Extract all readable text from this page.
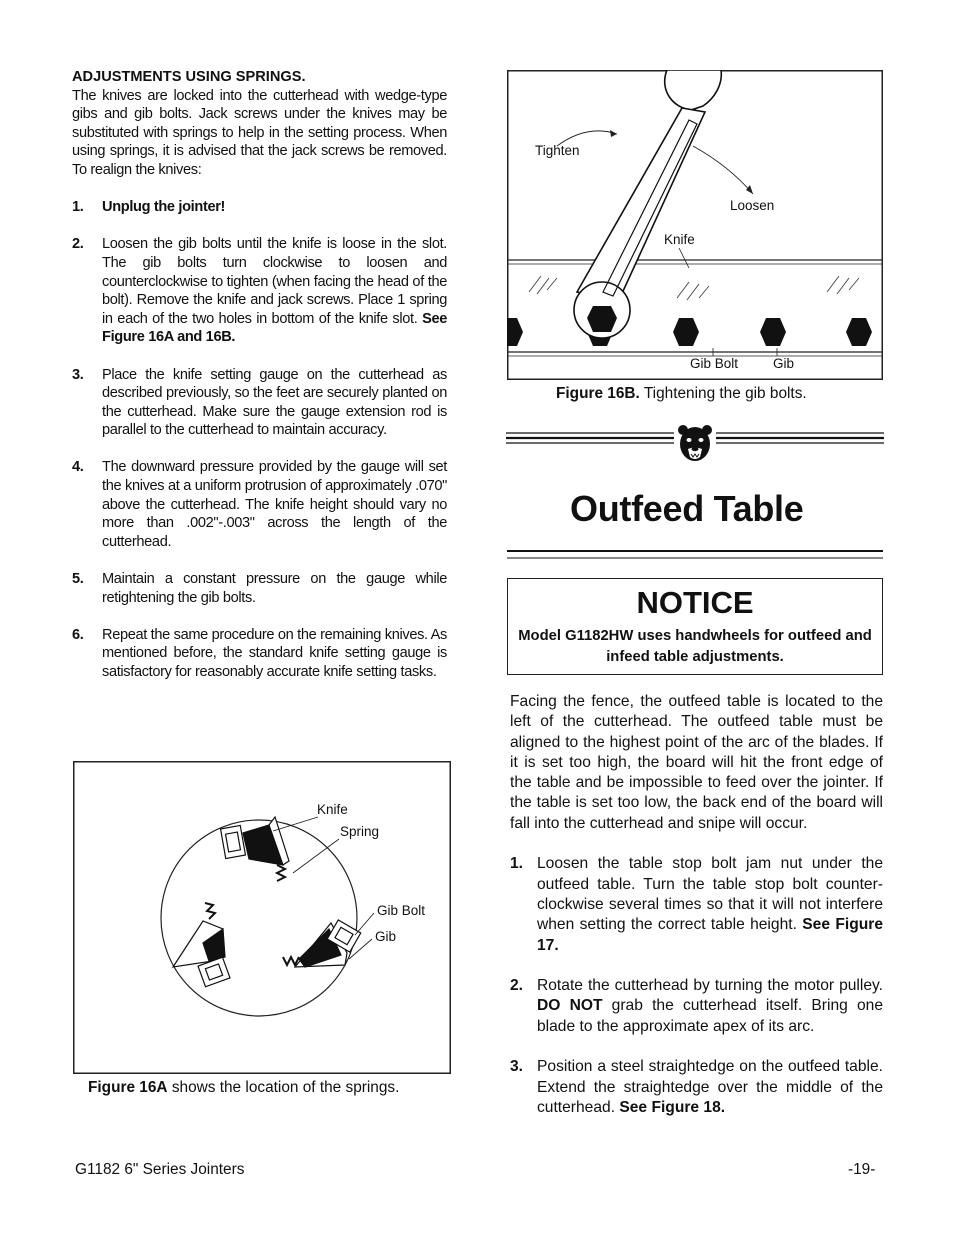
ADJUSTMENTS USING SPRINGS.

The knives are locked into the cutterhead with wedge-type gibs and gib bolts. Jack screws under the knives may be substituted with springs to help in the setting process. When using springs, it is advised that the jack screws be removed. To realign the knives:

1. Unplug the jointer!
2. Loosen the gib bolts until the knife is loose in the slot. The gib bolts turn clockwise to loosen and counterclockwise to tighten (when facing the head of the bolt). Remove the knife and jack screws. Place 1 spring in each of the two holes in bottom of the knife slot. See Figure 16A and 16B.
3. Place the knife setting gauge on the cutterhead as described previously, so the feet are securely planted on the cutterhead. Make sure the gauge extension rod is parallel to the cutterhead to maintain accuracy.
4. The downward pressure provided by the gauge will set the knives at a uniform protrusion of approximately .070" above the cutterhead. The knife height should vary no more than .002"-.003" across the length of the cutterhead.
5. Maintain a constant pressure on the gauge while retightening the gib bolts.
6. Repeat the same procedure on the remaining knives. As mentioned before, the standard knife setting gauge is satisfactory for reasonably accurate knife setting tasks.
Knife
Spring
Gib Bolt
Gib
Figure 16A shows the location of the springs.
Tighten
Loosen
Knife
Gib Bolt	Gib
Figure 16B. Tightening the gib bolts.
Outfeed Table
NOTICE
Model G1182HW uses handwheels for outfeed and infeed table adjustments.

Facing the fence, the outfeed table is located to the left of the cutterhead. The outfeed table must be aligned to the highest point of the arc of the blades. If it is set too high, the board will hit the front edge of the table and be impossible to feed over the jointer. If the table is set too low, the back end of the board will fall into the cutterhead and snipe will occur.

1. Loosen the table stop bolt jam nut under the outfeed table. Turn the table stop bolt counter-clockwise several times so that it will not interfere when setting the correct table height. See Figure 17.
2. Rotate the cutterhead by turning the motor pulley. DO NOT grab the cutterhead itself. Bring one blade to the approximate apex of its arc.
3. Position a steel straightedge on the outfeed table. Extend the straightedge over the middle of the cutterhead. See Figure 18.
G1182 6" Series Jointers	-19-
